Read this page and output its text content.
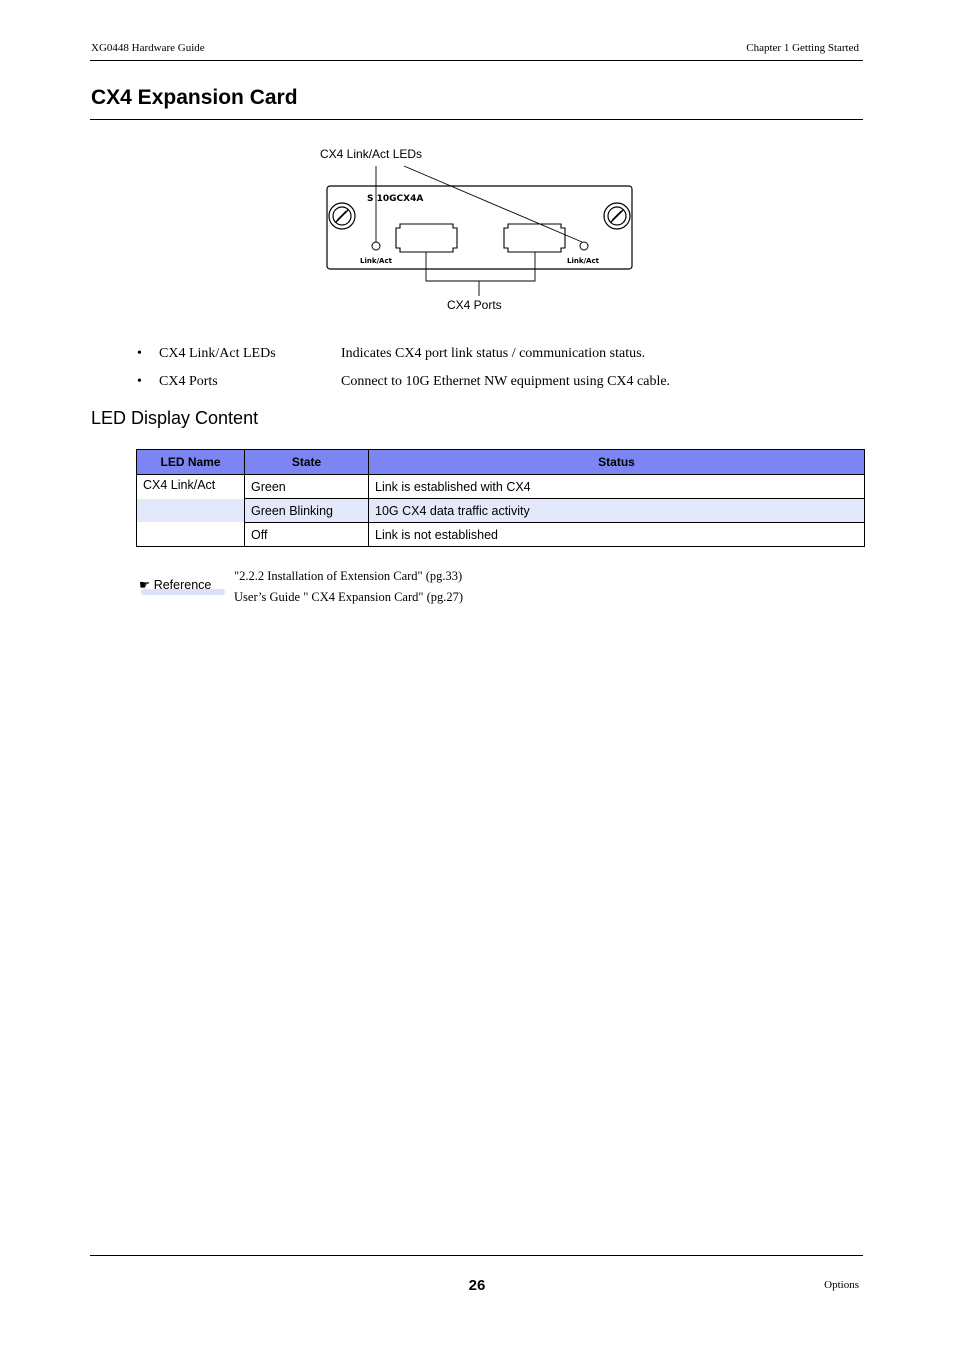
XG0448 Hardware Guide	Chapter 1 Getting Started
CX4 Expansion Card
S 10GCX4A
Link/Act	Link/Act
CX4 Link/Act LEDs
CX4 Ports
• CX4 Link/Act LEDs	Indicates CX4 port link status / communication status.
• CX4 Ports	Connect to 10G Ethernet NW equipment using CX4 cable.
LED Display Content
LED Name	State	Status
CX4 Link/Act	Green	Link is established with CX4
	Green Blinking	10G CX4 data traffic activity
	Off	Link is not established
☛ Reference
"2.2.2 Installation of Extension Card" (pg.33)
User’s Guide " CX4 Expansion Card" (pg.27)
26	Options
